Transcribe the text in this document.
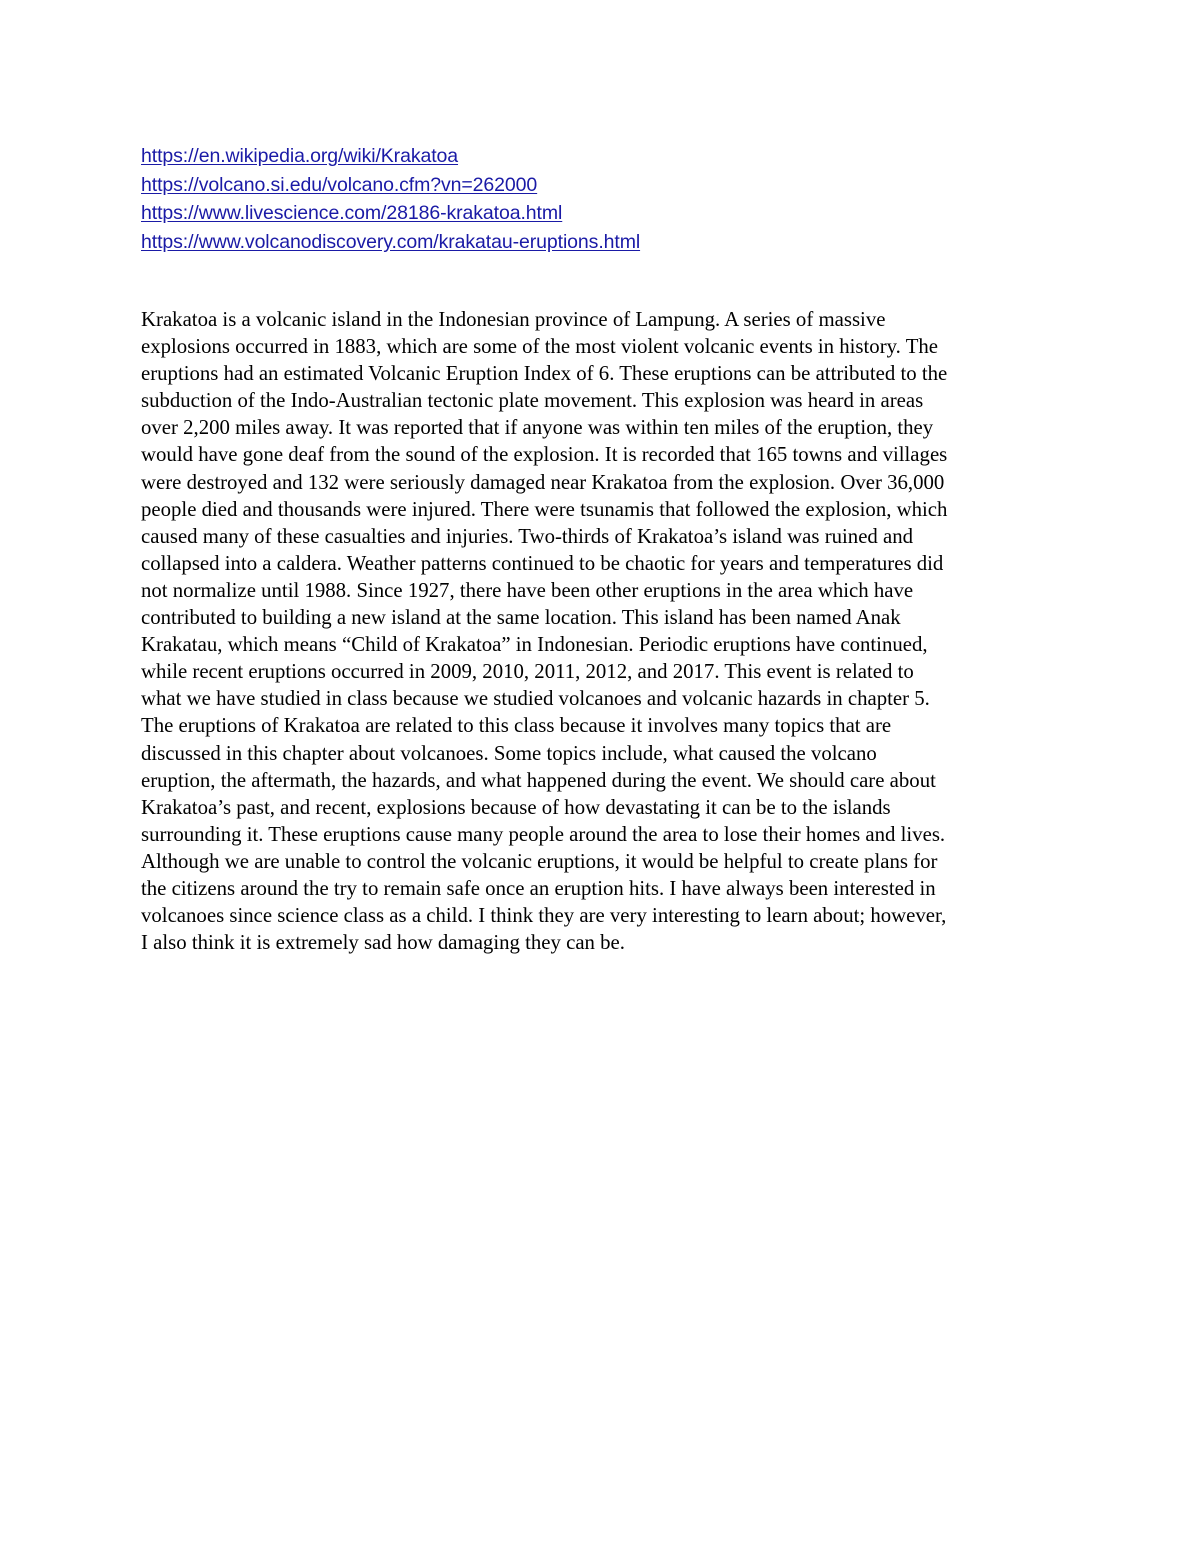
https://en.wikipedia.org/wiki/Krakatoa
https://volcano.si.edu/volcano.cfm?vn=262000
https://www.livescience.com/28186-krakatoa.html
https://www.volcanodiscovery.com/krakatau-eruptions.html

Krakatoa is a volcanic island in the Indonesian province of Lampung. A series of massive
explosions occurred in 1883, which are some of the most violent volcanic events in history. The
eruptions had an estimated Volcanic Eruption Index of 6. These eruptions can be attributed to the
subduction of the Indo-Australian tectonic plate movement. This explosion was heard in areas
over 2,200 miles away. It was reported that if anyone was within ten miles of the eruption, they
would have gone deaf from the sound of the explosion. It is recorded that 165 towns and villages
were destroyed and 132 were seriously damaged near Krakatoa from the explosion. Over 36,000
people died and thousands were injured. There were tsunamis that followed the explosion, which
caused many of these casualties and injuries. Two-thirds of Krakatoa’s island was ruined and
collapsed into a caldera. Weather patterns continued to be chaotic for years and temperatures did
not normalize until 1988. Since 1927, there have been other eruptions in the area which have
contributed to building a new island at the same location. This island has been named Anak
Krakatau, which means “Child of Krakatoa” in Indonesian. Periodic eruptions have continued,
while recent eruptions occurred in 2009, 2010, 2011, 2012, and 2017. This event is related to
what we have studied in class because we studied volcanoes and volcanic hazards in chapter 5.
The eruptions of Krakatoa are related to this class because it involves many topics that are
discussed in this chapter about volcanoes. Some topics include, what caused the volcano
eruption, the aftermath, the hazards, and what happened during the event. We should care about
Krakatoa’s past, and recent, explosions because of how devastating it can be to the islands
surrounding it. These eruptions cause many people around the area to lose their homes and lives.
Although we are unable to control the volcanic eruptions, it would be helpful to create plans for
the citizens around the try to remain safe once an eruption hits. I have always been interested in
volcanoes since science class as a child. I think they are very interesting to learn about; however,
I also think it is extremely sad how damaging they can be.
